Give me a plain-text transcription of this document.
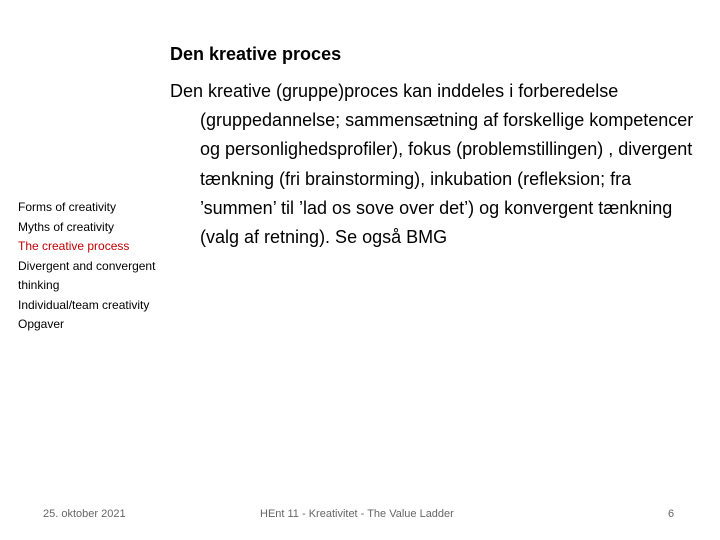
Forms of creativity
Myths of creativity
The creative process
Divergent and convergent thinking
Individual/team creativity
Opgaver
Den kreative proces

Den kreative (gruppe)proces kan inddeles i forberedelse (gruppedannelse; sammensætning af forskellige kompetencer og personlighedsprofiler), fokus (problemstillingen) , divergent tænkning (fri brainstorming), inkubation (refleksion; fra ’summen’ til ’lad os sove over det’) og konvergent tænkning (valg af retning). Se også BMG

25. oktober 2021	HEnt 11 - Kreativitet - The Value Ladder	6
